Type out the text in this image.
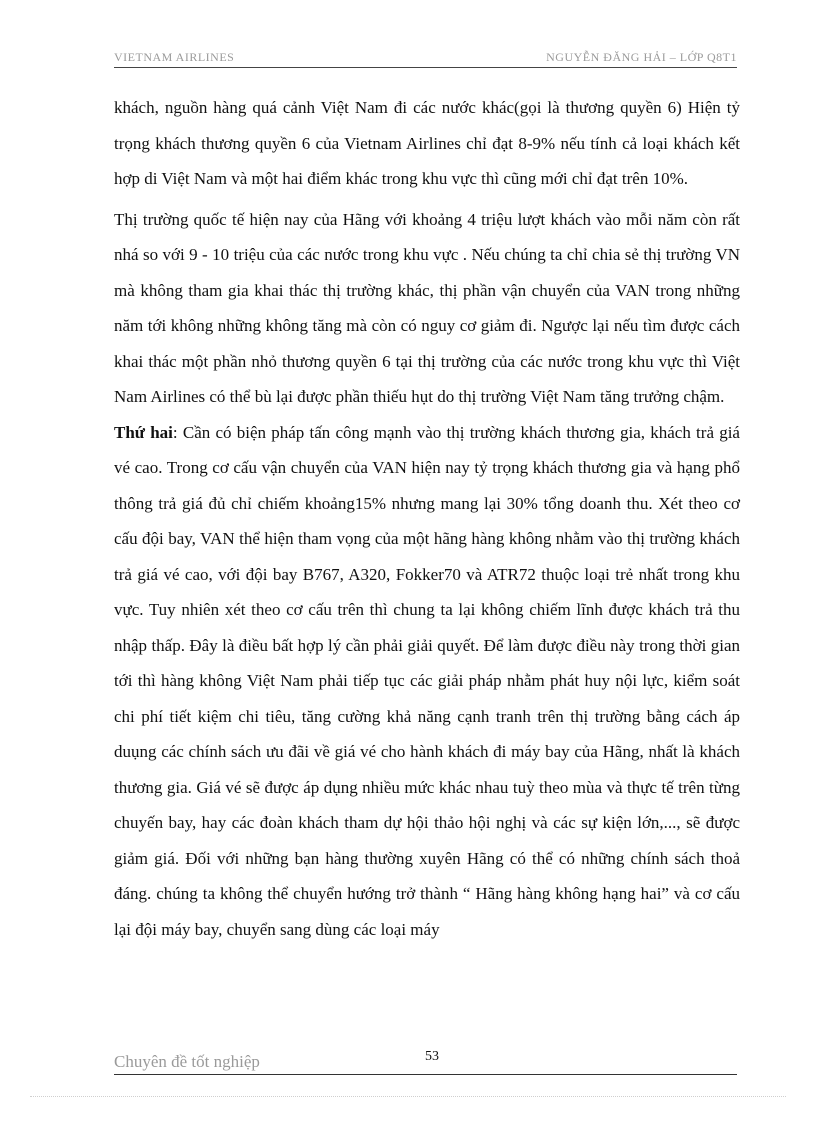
VIETNAM AIRLINES	NGUYỄN ĐĂNG HẢI – LỚP Q8T1

khách, nguồn hàng quá cảnh Việt Nam đi các nước khác(gọi là thương quyền 6) Hiện tỷ trọng khách thương quyền 6 của Vietnam Airlines chỉ đạt 8-9% nếu tính cả loại khách kết hợp di Việt Nam và một hai điểm khác trong khu vực thì cũng mới chỉ đạt trên 10%.

Thị trường quốc tế hiện nay của Hãng với khoảng 4 triệu lượt khách vào mỗi năm còn rất nhá so với 9 - 10 triệu của các nước trong khu vực . Nếu chúng ta chỉ chia sẻ thị trường VN mà không tham gia khai thác thị trường khác, thị phần vận chuyển của VAN trong những năm tới không những không tăng mà còn có nguy cơ giảm đi. Ngược lại nếu tìm được cách khai thác một phần nhỏ thương quyền 6 tại thị trường của các nước trong khu vực thì Việt Nam Airlines có thể bù lại được phần thiếu hụt do thị trường Việt Nam tăng trưởng chậm.

Thứ hai: Cần có biện pháp tấn công mạnh vào thị trường khách thương gia, khách trả giá vé cao. Trong cơ cấu vận chuyển của VAN hiện nay tỷ trọng khách thương gia và hạng phổ thông trả giá đủ chỉ chiếm khoảng15% nhưng mang lại 30% tổng doanh thu. Xét theo cơ cấu đội bay, VAN thể hiện tham vọng của một hãng hàng không nhằm vào thị trường khách trả giá vé cao, với đội bay B767, A320, Fokker70 và ATR72 thuộc loại trẻ nhất trong khu vực. Tuy nhiên xét theo cơ cấu trên thì chung ta lại không chiếm lĩnh được khách trả thu nhập thấp. Đây là điều bất hợp lý cần phải giải quyết. Để làm được điều này trong thời gian tới thì hàng không Việt Nam phải tiếp tục các giải pháp nhằm phát huy nội lực, kiểm soát chi phí tiết kiệm chi tiêu, tăng cường khả năng cạnh tranh trên thị trường bằng cách áp duụng các chính sách ưu đãi về giá vé cho hành khách đi máy bay của Hãng, nhất là khách thương gia. Giá vé sẽ được áp dụng nhiều mức khác nhau tuỳ theo mùa và thực tế trên từng chuyến bay, hay các đoàn khách tham dự hội thảo hội nghị và các sự kiện lớn,..., sẽ được giảm giá. Đối với những bạn hàng thường xuyên Hãng có thể có những chính sách thoả đáng. chúng ta không thể chuyển hướng trở thành “ Hãng hàng không hạng hai” và cơ cấu lại đội máy bay, chuyển sang dùng các loại máy

Chuyên đề tốt nghiệp	53
